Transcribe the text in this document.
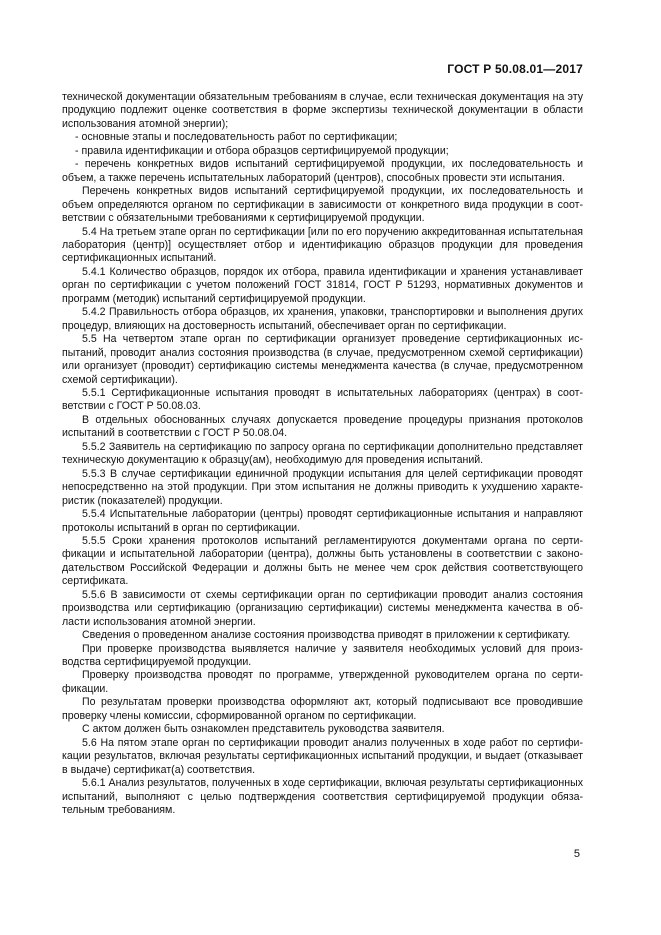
ГОСТ Р 50.08.01—2017

технической документации обязательным требованиям в случае, если техническая документация на эту продукцию подлежит оценке соответствия в форме экспертизы технической документации в области использования атомной энергии);

- основные этапы и последовательность работ по сертификации;

- правила идентификации и отбора образцов сертифицируемой продукции;

- перечень конкретных видов испытаний сертифицируемой продукции, их последовательность и объем, а также перечень испытательных лабораторий (центров), способных провести эти испытания.

Перечень конкретных видов испытаний сертифицируемой продукции, их последовательность и объем определяются органом по сертификации в зависимости от конкретного вида продукции в соответствии с обязательными требованиями к сертифицируемой продукции.

5.4 На третьем этапе орган по сертификации [или по его поручению аккредитованная испытательная лаборатория (центр)] осуществляет отбор и идентификацию образцов продукции для проведения сертификационных испытаний.

5.4.1 Количество образцов, порядок их отбора, правила идентификации и хранения устанавливает орган по сертификации с учетом положений ГОСТ 31814, ГОСТ Р 51293, нормативных документов и программ (методик) испытаний сертифицируемой продукции.

5.4.2 Правильность отбора образцов, их хранения, упаковки, транспортировки и выполнения других процедур, влияющих на достоверность испытаний, обеспечивает орган по сертификации.

5.5 На четвертом этапе орган по сертификации организует проведение сертификационных испытаний, проводит анализ состояния производства (в случае, предусмотренном схемой сертификации) или организует (проводит) сертификацию системы менеджмента качества (в случае, предусмотренном схемой сертификации).

5.5.1 Сертификационные испытания проводят в испытательных лабораториях (центрах) в соответствии с ГОСТ Р 50.08.03.

В отдельных обоснованных случаях допускается проведение процедуры признания протоколов испытаний в соответствии с ГОСТ Р 50.08.04.

5.5.2 Заявитель на сертификацию по запросу органа по сертификации дополнительно представляет техническую документацию к образцу(ам), необходимую для проведения испытаний.

5.5.3 В случае сертификации единичной продукции испытания для целей сертификации проводят непосредственно на этой продукции. При этом испытания не должны приводить к ухудшению характеристик (показателей) продукции.

5.5.4 Испытательные лаборатории (центры) проводят сертификационные испытания и направляют протоколы испытаний в орган по сертификации.

5.5.5 Сроки хранения протоколов испытаний регламентируются документами органа по сертификации и испытательной лаборатории (центра), должны быть установлены в соответствии с законодательством Российской Федерации и должны быть не менее чем срок действия соответствующего сертификата.

5.5.6 В зависимости от схемы сертификации орган по сертификации проводит анализ состояния производства или сертификацию (организацию сертификации) системы менеджмента качества в области использования атомной энергии.

Сведения о проведенном анализе состояния производства приводят в приложении к сертификату.

При проверке производства выявляется наличие у заявителя необходимых условий для производства сертифицируемой продукции.

Проверку производства проводят по программе, утвержденной руководителем органа по сертификации.

По результатам проверки производства оформляют акт, который подписывают все проводившие проверку члены комиссии, сформированной органом по сертификации.

С актом должен быть ознакомлен представитель руководства заявителя.

5.6 На пятом этапе орган по сертификации проводит анализ полученных в ходе работ по сертификации результатов, включая результаты сертификационных испытаний продукции, и выдает (отказывает в выдаче) сертификат(а) соответствия.

5.6.1 Анализ результатов, полученных в ходе сертификации, включая результаты сертификационных испытаний, выполняют с целью подтверждения соответствия сертифицируемой продукции обязательным требованиям.

5
